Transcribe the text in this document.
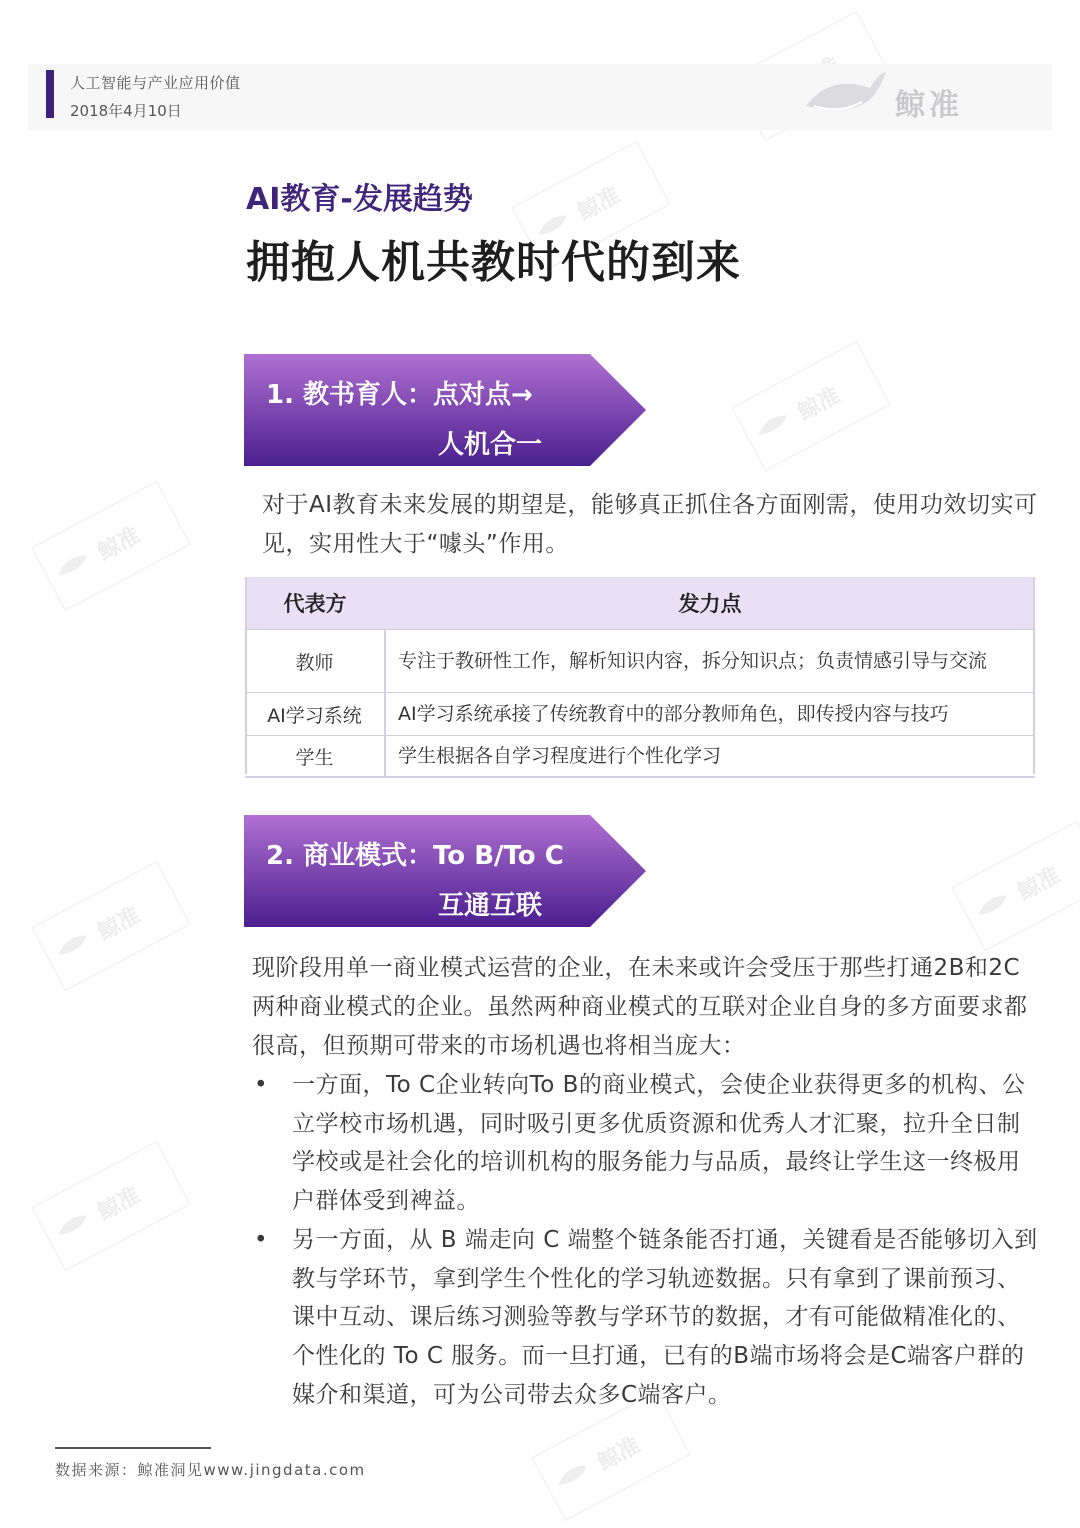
鲸准
鲸准
鲸准
鲸准
鲸准
鲸准
鲸准
人工智能与产业应用价值
2018年4月10日	鲸准
AI教育-发展趋势
拥抱人机共教时代的到来
1. 教书育人：点对点→
人机合一
对于AI教育未来发展的期望是，能够真正抓住各方面刚需，使用功效切实可见，实用性大于“噱头”作用。
代表方	发力点
教师	专注于教研性工作，解析知识内容，拆分知识点；负责情感引导与交流
AI学习系统	AI学习系统承接了传统教育中的部分教师角色，即传授内容与技巧
学生	学生根据各自学习程度进行个性化学习
2. 商业模式：To B/To C
互通互联
现阶段用单一商业模式运营的企业，在未来或许会受压于那些打通2B和2C两种商业模式的企业。虽然两种商业模式的互联对企业自身的多方面要求都很高，但预期可带来的市场机遇也将相当庞大：
• 一方面，To C企业转向To B的商业模式，会使企业获得更多的机构、公立学校市场机遇，同时吸引更多优质资源和优秀人才汇聚，拉升全日制学校或是社会化的培训机构的服务能力与品质，最终让学生这一终极用户群体受到裨益。
• 另一方面，从 B 端走向 C 端整个链条能否打通，关键看是否能够切入到教与学环节，拿到学生个性化的学习轨迹数据。只有拿到了课前预习、课中互动、课后练习测验等教与学环节的数据，才有可能做精准化的、个性化的 To C 服务。而一旦打通，已有的B端市场将会是C端客户群的媒介和渠道，可为公司带去众多C端客户。
数据来源：鲸准洞见www.jingdata.com
